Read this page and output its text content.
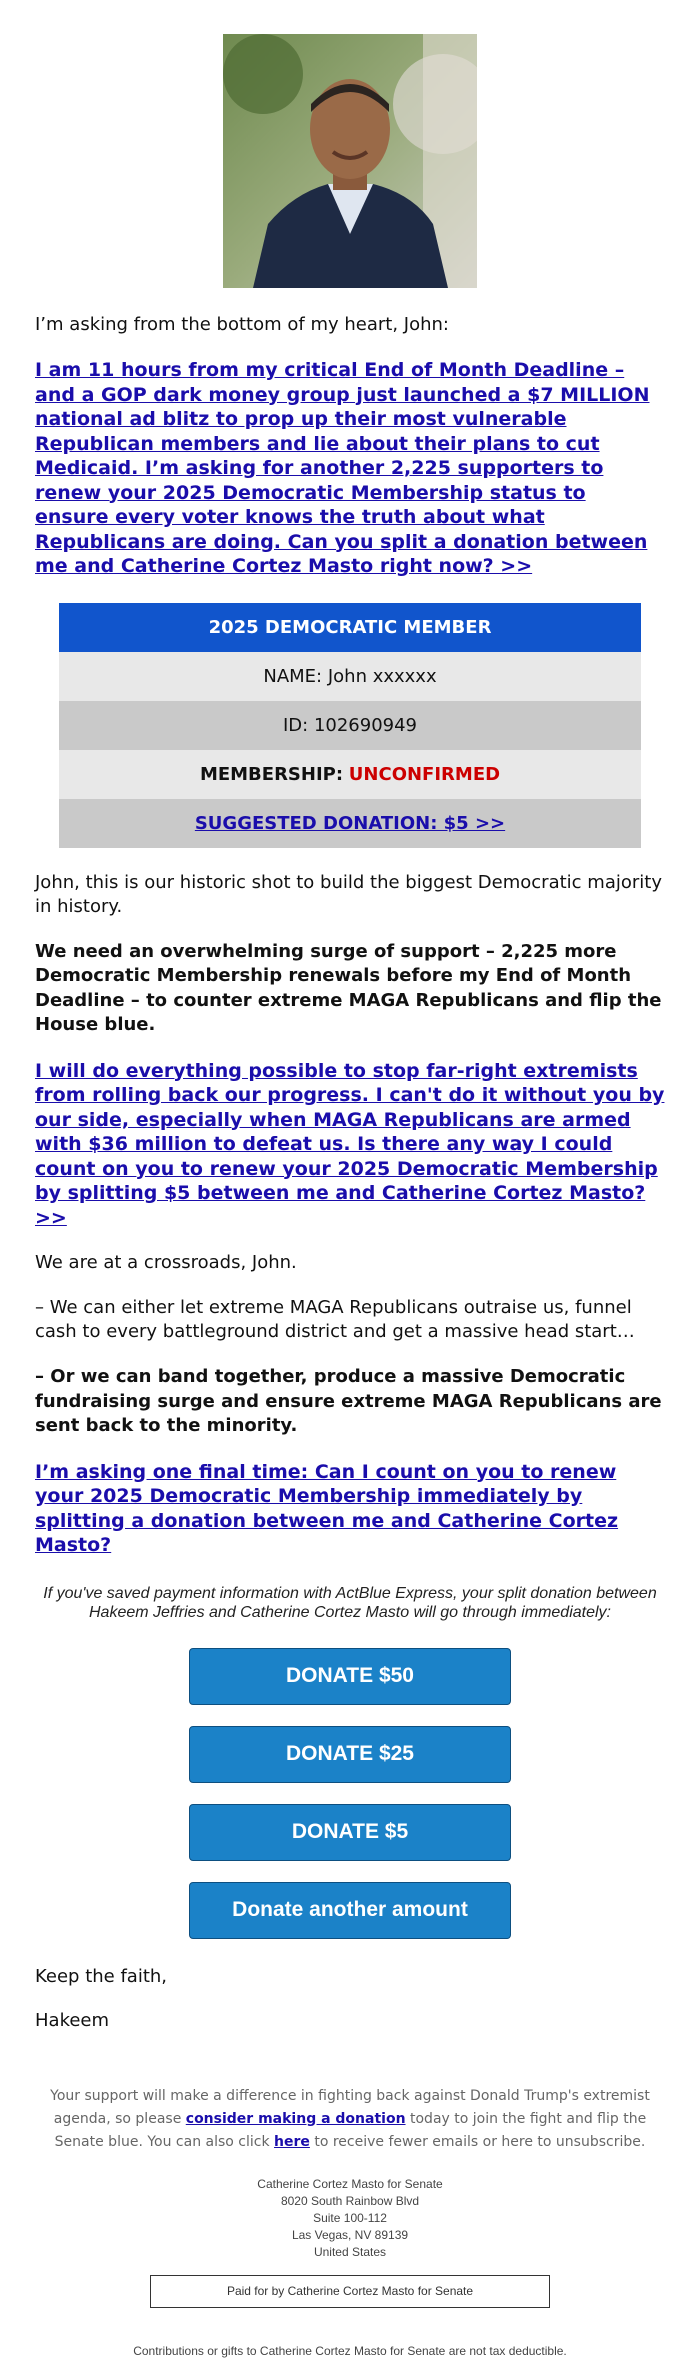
I’m asking from the bottom of my heart, John:

I am 11 hours from my critical End of Month Deadline – and a GOP dark money group just launched a $7 MILLION national ad blitz to prop up their most vulnerable Republican members and lie about their plans to cut Medicaid. I’m asking for another 2,225 supporters to renew your 2025 Democratic Membership status to ensure every voter knows the truth about what Republicans are doing. Can you split a donation between me and Catherine Cortez Masto right now? >>

2025 DEMOCRATIC MEMBER
NAME: John xxxxxx
ID: 102690949
MEMBERSHIP:
UNCONFIRMED
SUGGESTED DONATION: $5 >>

John, this is our historic shot to build the biggest Democratic majority in history.

We need an overwhelming surge of support – 2,225 more Democratic Membership renewals before my End of Month Deadline – to counter extreme MAGA Republicans and flip the House blue.

I will do everything possible to stop far-right extremists from rolling back our progress. I can't do it without you by our side, especially when MAGA Republicans are armed with $36 million to defeat us. Is there any way I could count on you to renew your 2025 Democratic Membership by splitting $5 between me and Catherine Cortez Masto? >>

We are at a crossroads, John.

– We can either let extreme MAGA Republicans outraise us, funnel cash to every battleground district and get a massive head start…

– Or we can band together, produce a massive Democratic fundraising surge and ensure extreme MAGA Republicans are sent back to the minority.

I’m asking one final time: Can I count on you to renew your 2025 Democratic Membership immediately by splitting a donation between me and Catherine Cortez Masto?

If you've saved payment information with ActBlue Express, your split donation between Hakeem Jeffries and Catherine Cortez Masto will go through immediately:

DONATE $50
DONATE $25
DONATE $5
Donate another amount

Keep the faith,

Hakeem

Your support will make a difference in fighting back against Donald Trump's extremist agenda, so please consider making a donation today to join the fight and flip the Senate blue. You can also click here to receive fewer emails or here to unsubscribe.

Catherine Cortez Masto for Senate
8020 South Rainbow Blvd
Suite 100-112
Las Vegas, NV 89139
United States
Paid for by Catherine Cortez Masto for Senate

Contributions or gifts to Catherine Cortez Masto for Senate are not tax deductible.
